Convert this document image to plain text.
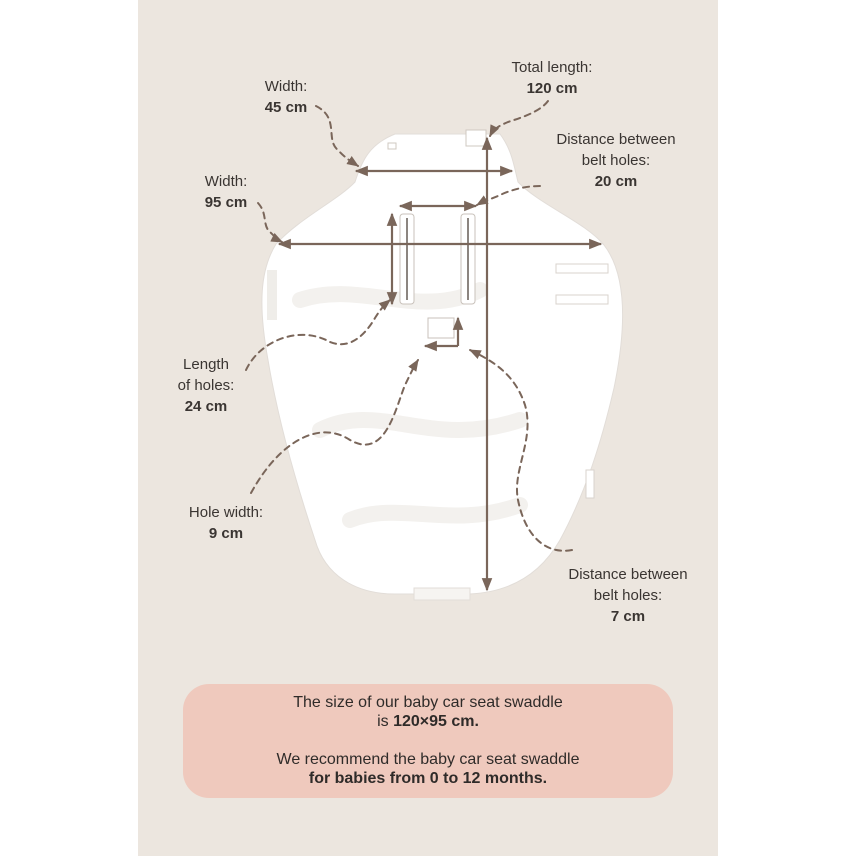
Width:
45 cm
Total length:
120 cm
Distance between
belt holes:
20 cm
Width:
95 cm
Length
of holes:
24 cm
Hole width:
9 cm
Distance between
belt holes:
7 cm
The size of our baby car seat swaddle
is 120×95 cm.
We recommend the baby car seat swaddle
for babies from 0 to 12 months.
